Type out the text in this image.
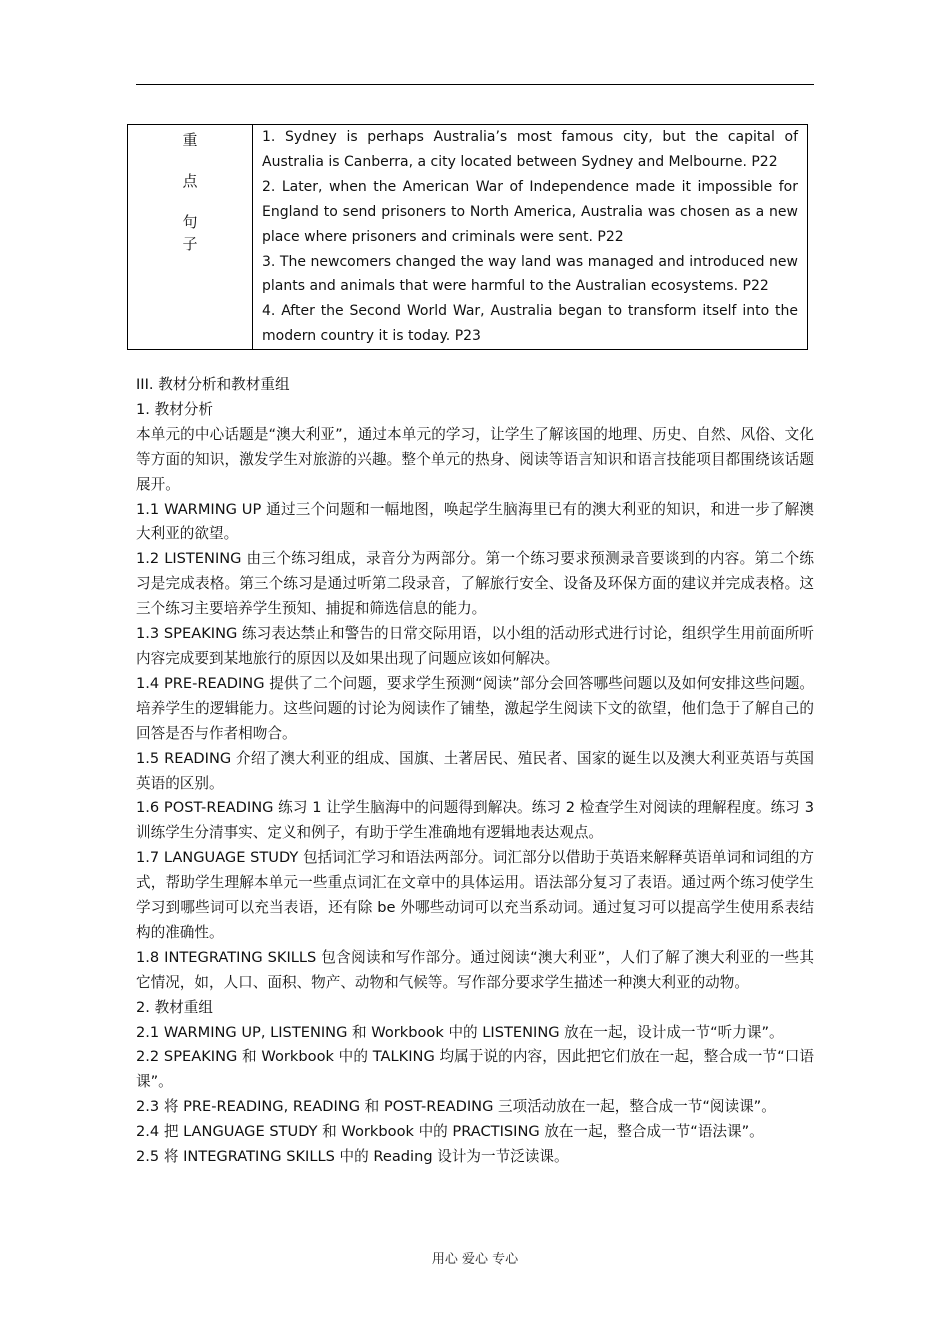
重
点
句
子

1. Sydney is perhaps Australia’s most famous city, but the capital of Australia is Canberra, a city located between Sydney and Melbourne. P22
2. Later, when the American War of Independence made it impossible for England to send prisoners to North America, Australia was chosen as a new place where prisoners and criminals were sent. P22
3. The newcomers changed the way land was managed and introduced new plants and animals that were harmful to the Australian ecosystems. P22
4. After the Second World War, Australia began to transform itself into the modern country it is today. P23

III. 教材分析和教材重组

1. 教材分析

本单元的中心话题是“澳大利亚”，通过本单元的学习，让学生了解该国的地理、历史、自然、风俗、文化等方面的知识，激发学生对旅游的兴趣。整个单元的热身、阅读等语言知识和语言技能项目都围绕该话题展开。

1.1 WARMING UP 通过三个问题和一幅地图，唤起学生脑海里已有的澳大利亚的知识，和进一步了解澳大利亚的欲望。

1.2 LISTENING 由三个练习组成，录音分为两部分。第一个练习要求预测录音要谈到的内容。第二个练习是完成表格。第三个练习是通过听第二段录音，了解旅行安全、设备及环保方面的建议并完成表格。这三个练习主要培养学生预知、捕捉和筛选信息的能力。

1.3 SPEAKING 练习表达禁止和警告的日常交际用语，以小组的活动形式进行讨论，组织学生用前面所听内容完成要到某地旅行的原因以及如果出现了问题应该如何解决。

1.4 PRE-READING 提供了二个问题，要求学生预测“阅读”部分会回答哪些问题以及如何安排这些问题。培养学生的逻辑能力。这些问题的讨论为阅读作了铺垫，激起学生阅读下文的欲望，他们急于了解自己的回答是否与作者相吻合。

1.5 READING 介绍了澳大利亚的组成、国旗、土著居民、殖民者、国家的诞生以及澳大利亚英语与英国英语的区别。

1.6 POST-READING 练习 1 让学生脑海中的问题得到解决。练习 2 检查学生对阅读的理解程度。练习 3 训练学生分清事实、定义和例子，有助于学生准确地有逻辑地表达观点。

1.7 LANGUAGE STUDY 包括词汇学习和语法两部分。词汇部分以借助于英语来解释英语单词和词组的方式，帮助学生理解本单元一些重点词汇在文章中的具体运用。语法部分复习了表语。通过两个练习使学生学习到哪些词可以充当表语，还有除 be 外哪些动词可以充当系动词。通过复习可以提高学生使用系表结构的准确性。

1.8 INTEGRATING SKILLS 包含阅读和写作部分。通过阅读“澳大利亚”，人们了解了澳大利亚的一些其它情况，如，人口、面积、物产、动物和气候等。写作部分要求学生描述一种澳大利亚的动物。

2. 教材重组

2.1 WARMING UP, LISTENING 和 Workbook 中的 LISTENING 放在一起，设计成一节“听力课”。

2.2 SPEAKING 和 Workbook 中的 TALKING 均属于说的内容，因此把它们放在一起，整合成一节“口语课”。

2.3 将 PRE-READING, READING 和 POST-READING 三项活动放在一起，整合成一节“阅读课”。

2.4 把 LANGUAGE STUDY 和 Workbook 中的 PRACTISING 放在一起，整合成一节“语法课”。

2.5 将 INTEGRATING SKILLS 中的 Reading 设计为一节泛读课。

用心 爱心 专心
